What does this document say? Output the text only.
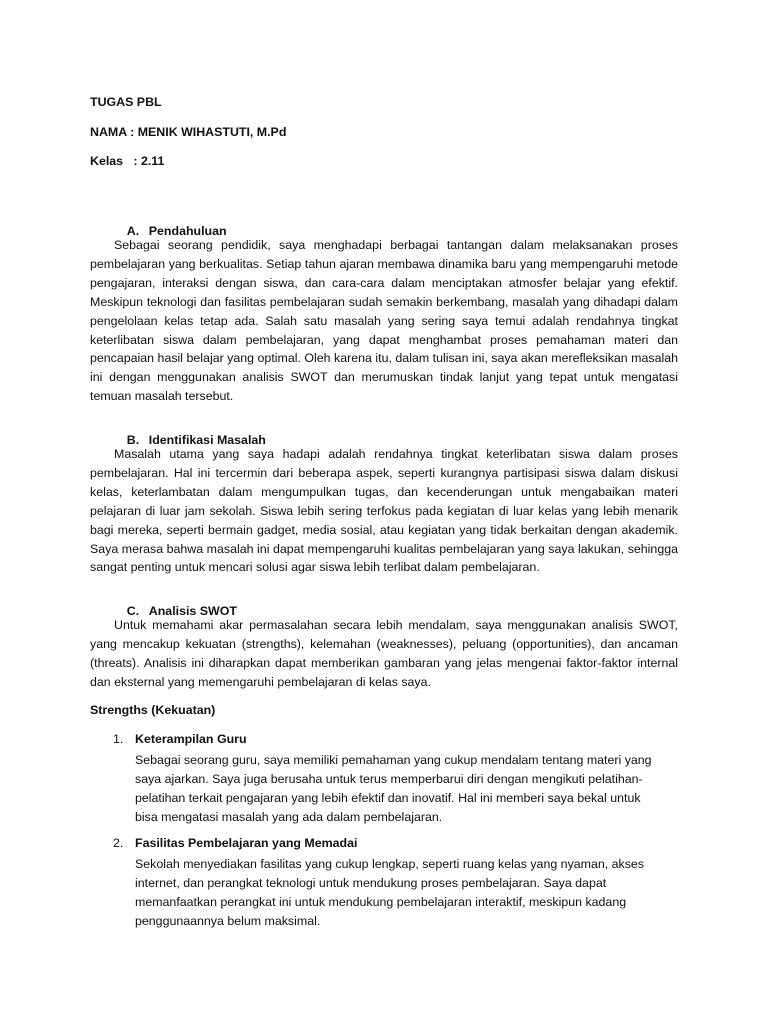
TUGAS PBL
NAMA : MENIK WIHASTUTI, M.Pd
Kelas : 2.11

A. Pendahuluan

Sebagai seorang pendidik, saya menghadapi berbagai tantangan dalam melaksanakan proses pembelajaran yang berkualitas. Setiap tahun ajaran membawa dinamika baru yang mempengaruhi metode pengajaran, interaksi dengan siswa, dan cara-cara dalam menciptakan atmosfer belajar yang efektif. Meskipun teknologi dan fasilitas pembelajaran sudah semakin berkembang, masalah yang dihadapi dalam pengelolaan kelas tetap ada. Salah satu masalah yang sering saya temui adalah rendahnya tingkat keterlibatan siswa dalam pembelajaran, yang dapat menghambat proses pemahaman materi dan pencapaian hasil belajar yang optimal. Oleh karena itu, dalam tulisan ini, saya akan merefleksikan masalah ini dengan menggunakan analisis SWOT dan merumuskan tindak lanjut yang tepat untuk mengatasi temuan masalah tersebut.

B. Identifikasi Masalah

Masalah utama yang saya hadapi adalah rendahnya tingkat keterlibatan siswa dalam proses pembelajaran. Hal ini tercermin dari beberapa aspek, seperti kurangnya partisipasi siswa dalam diskusi kelas, keterlambatan dalam mengumpulkan tugas, dan kecenderungan untuk mengabaikan materi pelajaran di luar jam sekolah. Siswa lebih sering terfokus pada kegiatan di luar kelas yang lebih menarik bagi mereka, seperti bermain gadget, media sosial, atau kegiatan yang tidak berkaitan dengan akademik. Saya merasa bahwa masalah ini dapat mempengaruhi kualitas pembelajaran yang saya lakukan, sehingga sangat penting untuk mencari solusi agar siswa lebih terlibat dalam pembelajaran.

C. Analisis SWOT

Untuk memahami akar permasalahan secara lebih mendalam, saya menggunakan analisis SWOT, yang mencakup kekuatan (strengths), kelemahan (weaknesses), peluang (opportunities), dan ancaman (threats). Analisis ini diharapkan dapat memberikan gambaran yang jelas mengenai faktor-faktor internal dan eksternal yang memengaruhi pembelajaran di kelas saya.

Strengths (Kekuatan)
1. Keterampilan Guru

Sebagai seorang guru, saya memiliki pemahaman yang cukup mendalam tentang materi yang saya ajarkan. Saya juga berusaha untuk terus memperbarui diri dengan mengikuti pelatihan-pelatihan terkait pengajaran yang lebih efektif dan inovatif. Hal ini memberi saya bekal untuk bisa mengatasi masalah yang ada dalam pembelajaran.

2. Fasilitas Pembelajaran yang Memadai

Sekolah menyediakan fasilitas yang cukup lengkap, seperti ruang kelas yang nyaman, akses internet, dan perangkat teknologi untuk mendukung proses pembelajaran. Saya dapat memanfaatkan perangkat ini untuk mendukung pembelajaran interaktif, meskipun kadang penggunaannya belum maksimal.
